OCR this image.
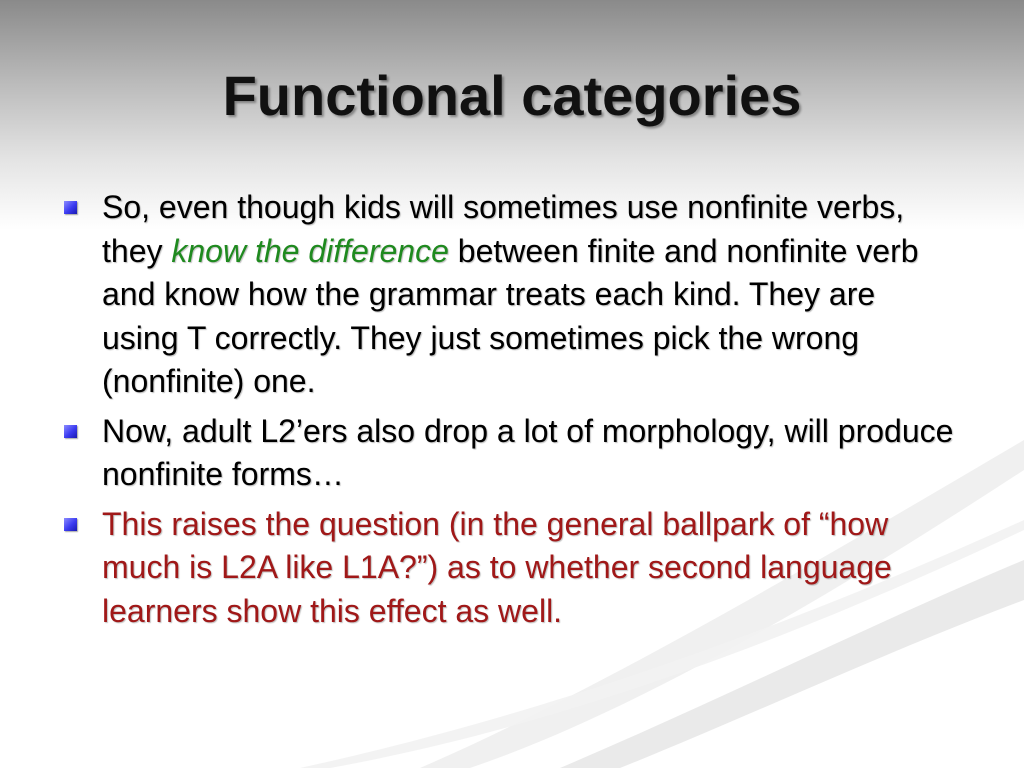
Functional categories
So, even though kids will sometimes use nonfinite verbs, they know the difference between finite and nonfinite verb and know how the grammar treats each kind. They are using T correctly. They just sometimes pick the wrong (nonfinite) one.
Now, adult L2’ers also drop a lot of morphology, will produce nonfinite forms…
This raises the question (in the general ballpark of “how much is L2A like L1A?”) as to whether second language learners show this effect as well.
